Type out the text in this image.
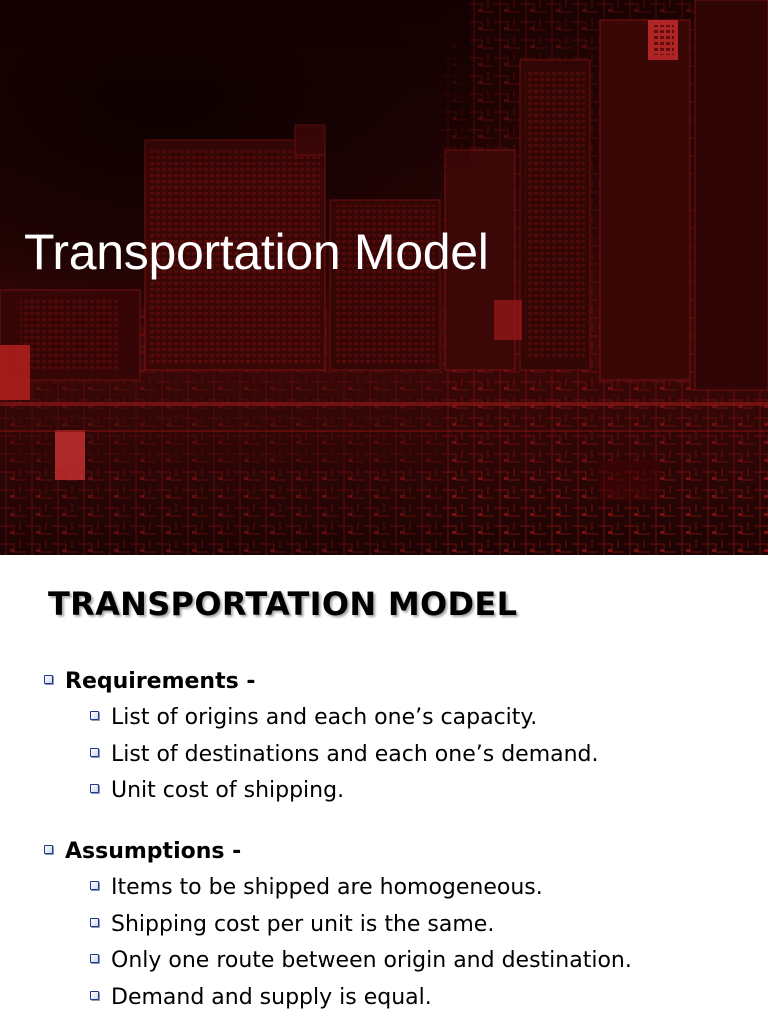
Transportation Model
TRANSPORTATION MODEL
Requirements -
List of origins and each one’s capacity.
List of destinations and each one’s demand.
Unit cost of shipping.
Assumptions -
Items to be shipped are homogeneous.
Shipping cost per unit is the same.
Only one route between origin and destination.
Demand and supply is equal.
